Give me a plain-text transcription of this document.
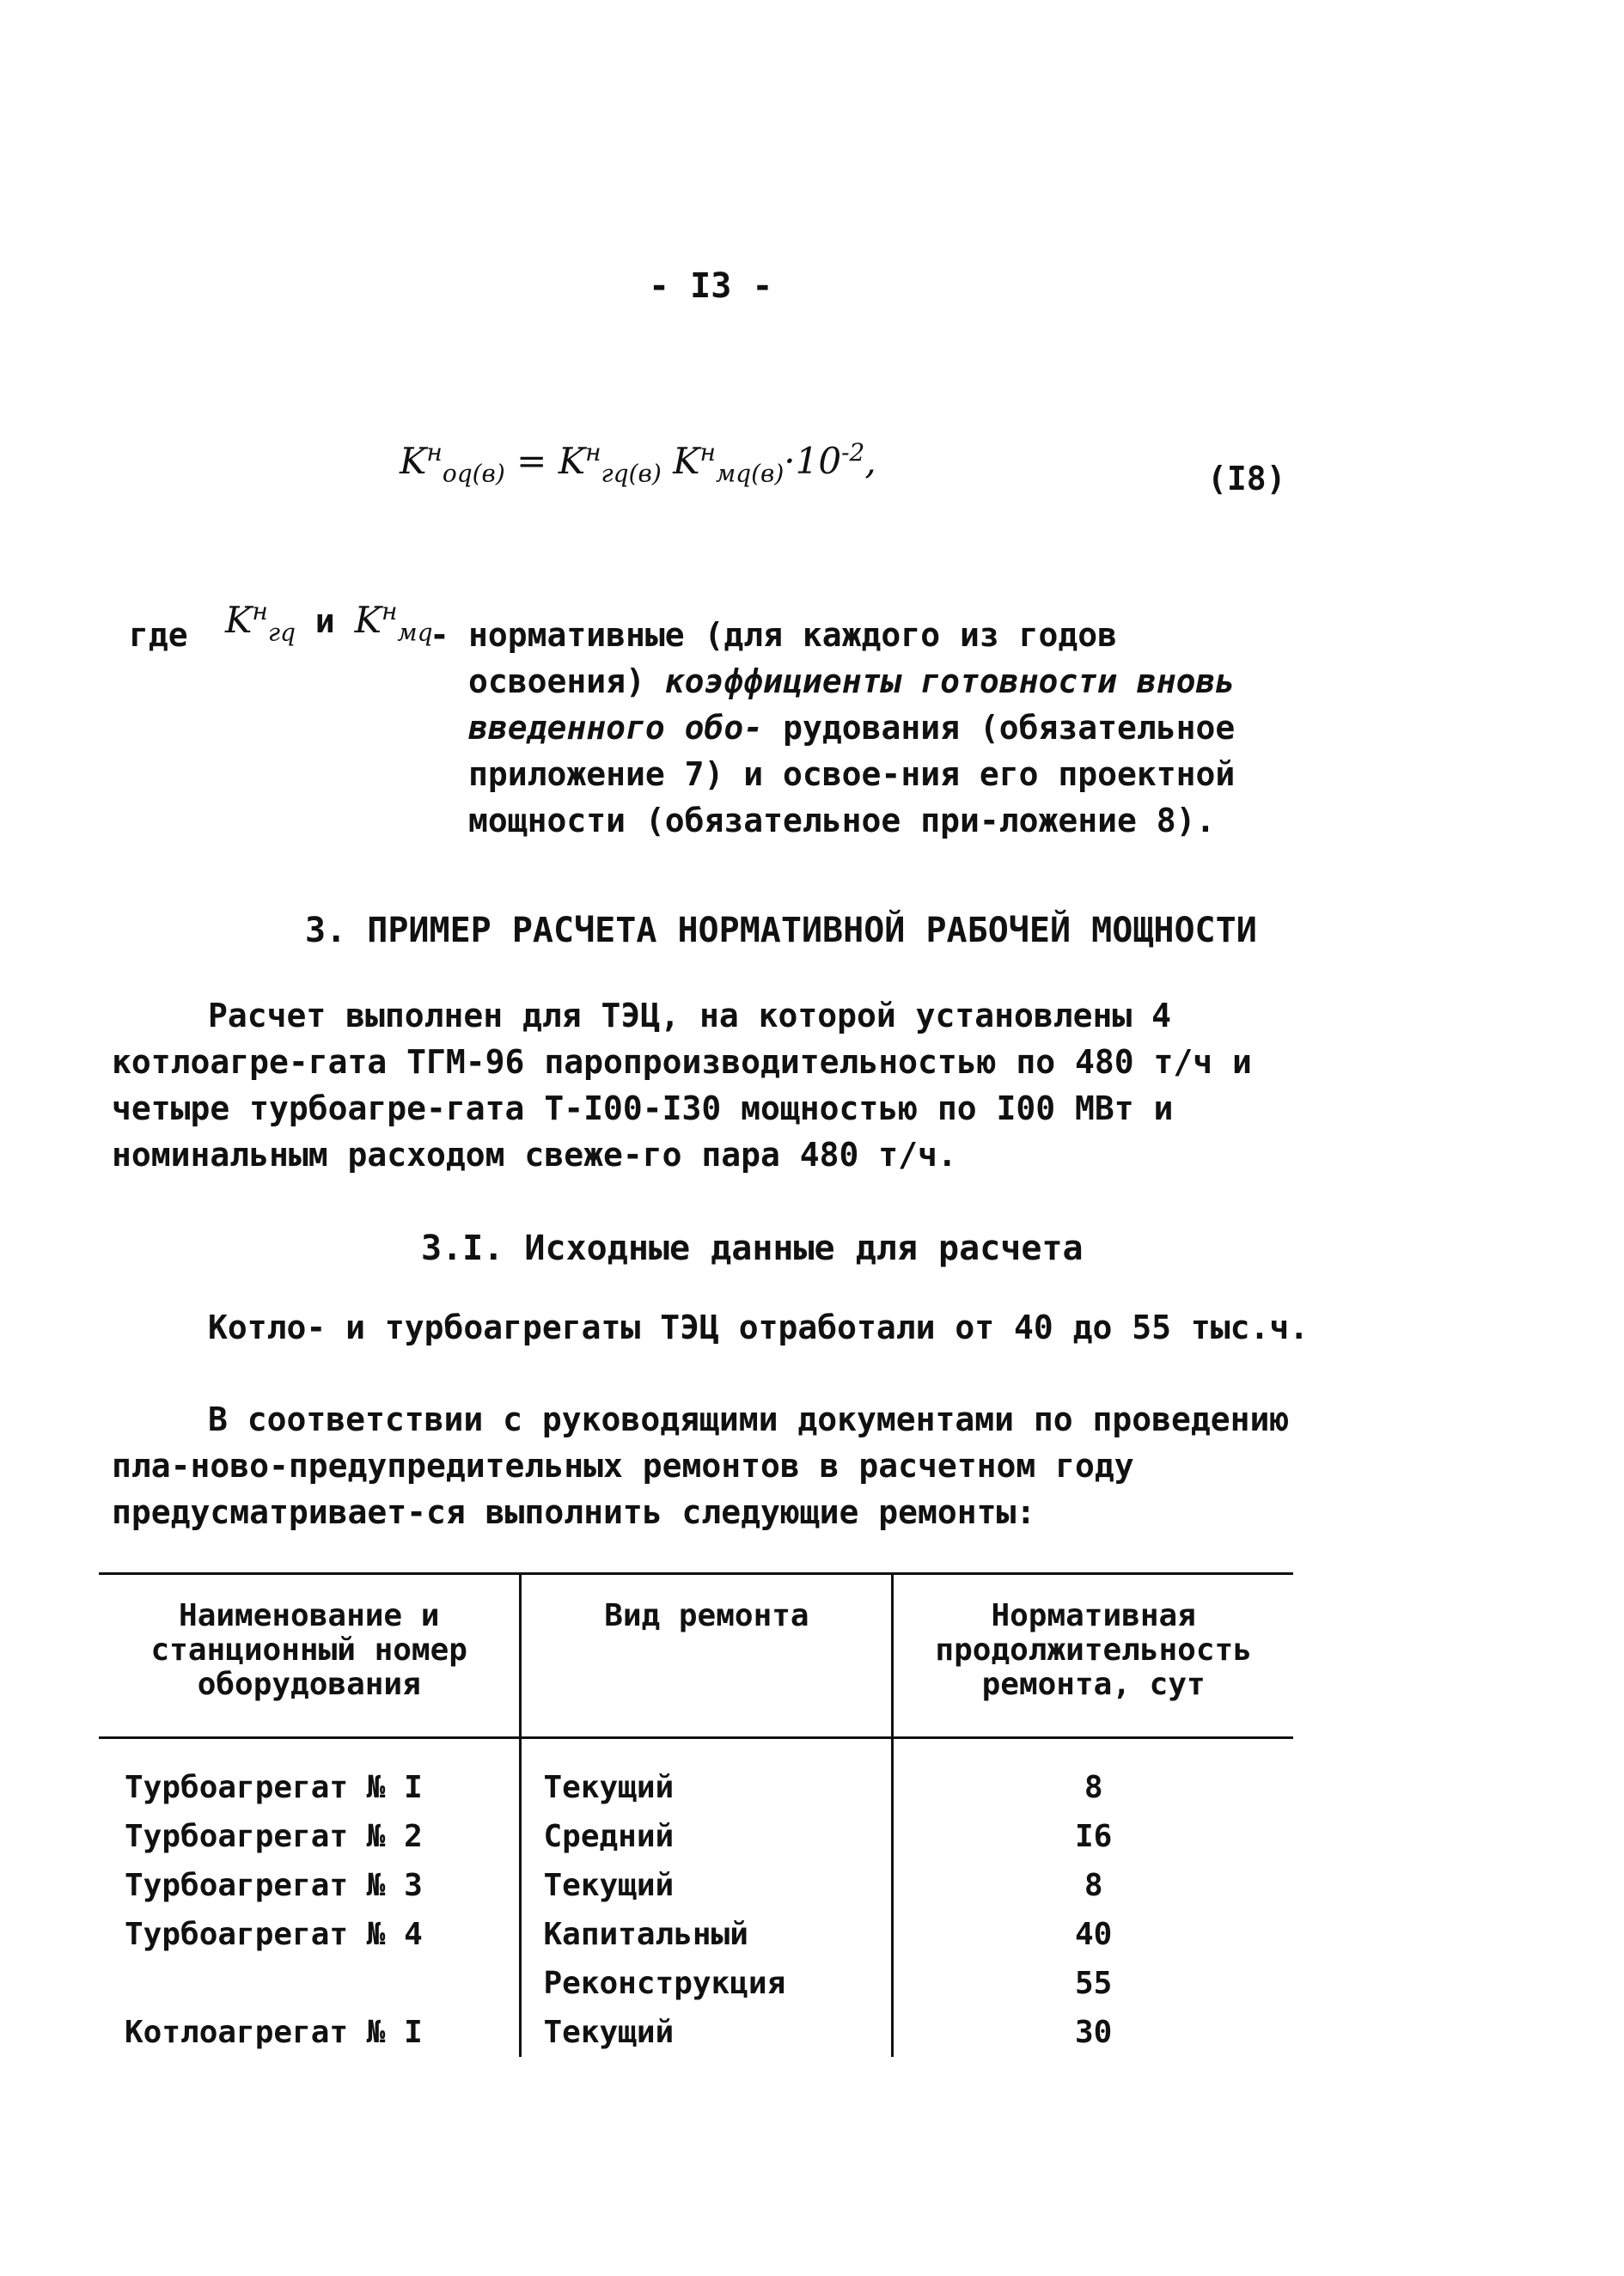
- I3 -
$K^н_{оq(в)} = K^н_{гq(в)}$ $K^н_{мq(в)}\cdot 10^{-2}$,	(I8)
где $K^н_{гq}$ и $K^н_{мq}$
- нормативные (для каждого из годов освоения) коэффициенты готовности вновь введенного обо- рудования (обязательное приложение 7) и освое-ния его проектной мощности (обязательное при-ложение 8).
3. ПРИМЕР РАСЧЕТА НОРМАТИВНОЙ РАБОЧЕЙ МОЩНОСТИ
Расчет выполнен для ТЭЦ, на которой установлены 4 котлоагре-гата ТГМ-96 паропроизводительностью по 480 т/ч и четыре турбоагре-гата Т-I00-I30 мощностью по I00 МВт и номинальным расходом свеже-го пара 480 т/ч.
3.I. Исходные данные для расчета
Котло- и турбоагрегаты ТЭЦ отработали от 40 до 55 тыс.ч.
В соответствии с руководящими документами по проведению пла-ново-предупредительных ремонтов в расчетном году предусматривает-ся выполнить следующие ремонты:
Наименование и станционный номер оборудования	Вид ремонта	Нормативная продолжительность ремонта, сут
Турбоагрегат № I	Текущий	8
Турбоагрегат № 2	Средний	I6
Турбоагрегат № 3	Текущий	8
Турбоагрегат № 4	Капитальный	40
	Реконструкция	55
Котлоагрегат № I	Текущий	30
